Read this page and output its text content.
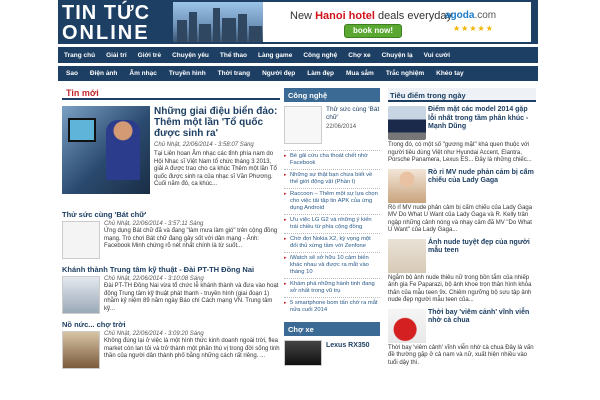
TIN TỨC
ONLINE
New Hanoi hotel deals everyday
book now!
agoda.com
★★★★★
Trang chủ Giải trí Giới trẻ Chuyện yêu Thể thao Làng game Công nghệ Chợ xe Chuyện lạ Vui cười
Sao Điện ảnh Âm nhạc Truyền hình Thời trang Người đẹp Làm đẹp Mua sắm Trắc nghiệm Khéo tay
Tin mới
Những giai điệu biển đảo: Thêm một lần 'Tổ quốc được sinh ra'
Chủ Nhật, 22/06/2014 - 3:58:07 Sáng
Tại Liên hoan Âm nhạc các tỉnh phía nam do Hội Nhạc sĩ Việt Nam tổ chức tháng 3 2013, giải A được trao cho ca khúc Thêm một lần Tổ quốc được sinh ra của nhạc sĩ Văn Phương. Cuối năm đó, ca khúc...
Thử sức cùng 'Bát chữ'
Chủ Nhật, 22/06/2014 - 3:57:11 Sáng
Ứng dụng Bát chữ đã và đang "làm mưa làm gió" trên cộng đồng mạng. Trò chơi Bát chữ đang gây sốt với dân mạng - Ảnh: Facebook Minh chứng rõ nét nhất chính là từ suốt...
Khánh thành Trung tâm kỹ thuật - Đài PT-TH Đồng Nai
Chủ Nhật, 22/06/2014 - 3:10:08 Sáng
Đài PT-TH Đồng Nai vừa tổ chức lễ khánh thành và đưa vào hoạt động Trung tâm kỹ thuật phát thanh - truyền hình (giai đoạn 1) nhằm kỷ niệm 89 năm ngày Báo chí Cách mạng VN. Trung tâm kỹ...
Nồ nức... chợ trời
Chủ Nhật, 22/06/2014 - 3:09:20 Sáng
Không đúng lại ở việc là một hình thức kinh doanh ngoài trời, flea market còn lan tỏi và trở thành một phần thú vị trong đời sống tinh thần của người dân thành phố bằng những cách rất riêng. ...
Công nghệ
Thử sức cùng 'Bát chữ'
22/06/2014
▸ Bè gãi cứu cha thoát chết nhờ Facebook
▸ Những sự thật bạn chưa biết về thế giới động vật (Phần I)
▸ Raccoon – Thêm một sự lựa chọn cho việc tải tập tin APK của ứng dụng Android
▸ Ưu việc LG G2 và những ý kiến trái chiều từ phía cộng đồng
▸ Chờ đợi Nokia X2, kỳ vọng một đối thủ xứng tầm với Zenfone
▸ iWatch sẽ sở hữu 10 cảm biến khác nhau và được ra mắt vào tháng 10
▸ Khám phá những hành tinh đang sở nhất trong vũ trụ
▸ 5 smartphone bom tấn chờ ra mắt nửa cuối 2014
Chợ xe
Lexus RX350
Tiêu điểm trong ngày
Điểm mặt các model 2014 gặp lỗi nhất trong tầm phân khúc - Mạnh Dũng
Trong đó, có một số "gương mặt" khá quen thuộc với người tiêu dùng Việt như Hyundai Accent, Elantra, Porsche Panamera, Lexus ES... Đây là những chiếc...
Rò rỉ MV nude phản cảm bị cấm chiếu của Lady Gaga
Rò rỉ MV nude phản cảm bị cấm chiếu của Lady Gaga MV Do What U Want của Lady Gaga và R. Kelly trân ngập những cảnh nóng và nhạy cảm đã MV "Do What U Want" của Lady Gaga...
Ảnh nude tuyệt đẹp của người mẫu teen
Ngắm bộ ảnh nude thiêu nữ trong bồn tắm của nhiếp ảnh gia Fe Paparazi, bộ ảnh khoe trọn thân hình khỏa thân của mẫu teen 9x. Chiêm ngưỡng bộ sưu tập ảnh nude đẹp người mẫu teen của...
Thời bay 'viêm cảnh' vĩnh viễn nhờ cà chua
Thời bay 'viêm cảnh' vĩnh viễn nhờ cà chua Đây là vấn đề thường gặp ở cả nam và nữ, xuất hiện nhiều vào tuổi dậy thì.
